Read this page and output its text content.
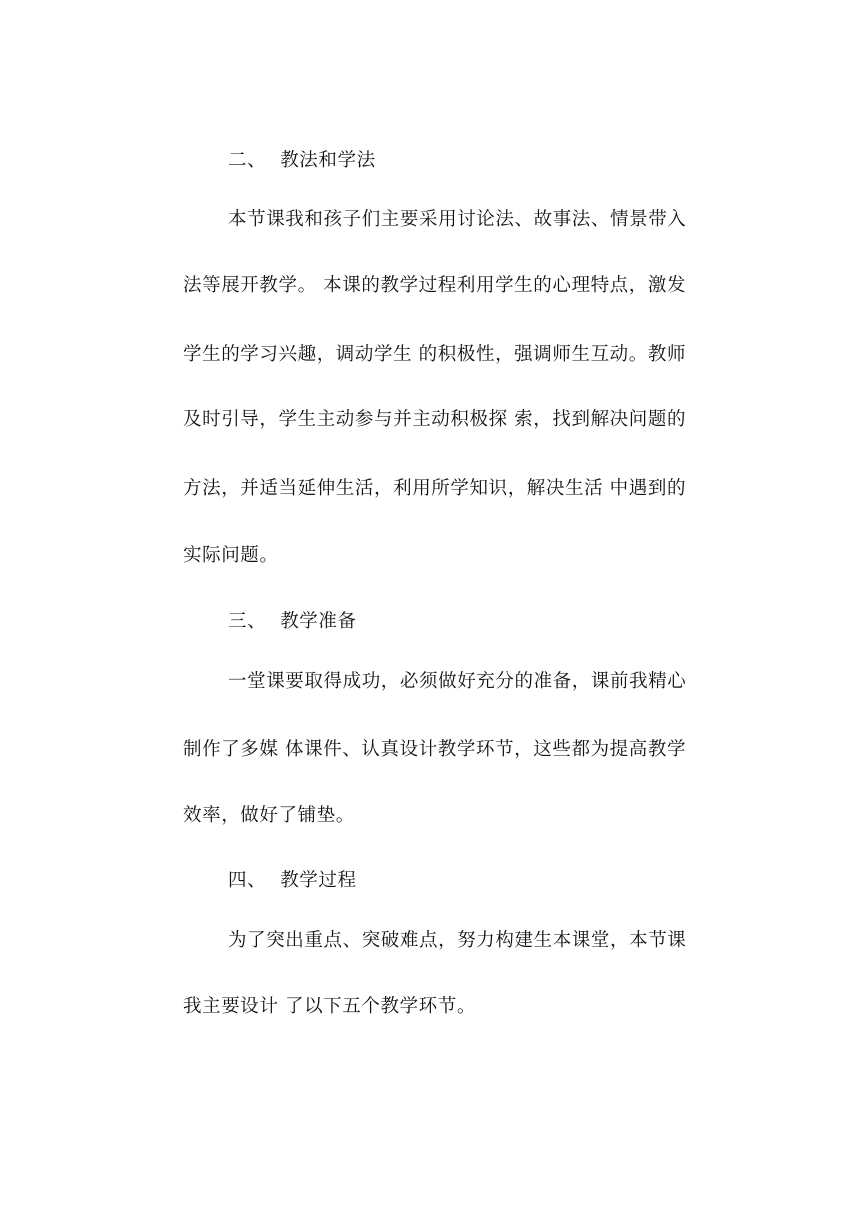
二、 教法和学法
本节课我和孩子们主要采用讨论法、故事法、情景带入
法等展开教学。 本课的教学过程利用学生的心理特点，激发
学生的学习兴趣，调动学生 的积极性，强调师生互动。教师
及时引导，学生主动参与并主动积极探 索，找到解决问题的
方法，并适当延伸生活，利用所学知识，解决生活 中遇到的
实际问题。
三、 教学准备
一堂课要取得成功，必须做好充分的准备，课前我精心
制作了多媒 体课件、认真设计教学环节，这些都为提高教学
效率，做好了铺垫。
四、 教学过程
为了突出重点、突破难点，努力构建生本课堂，本节课
我主要设计 了以下五个教学环节。
